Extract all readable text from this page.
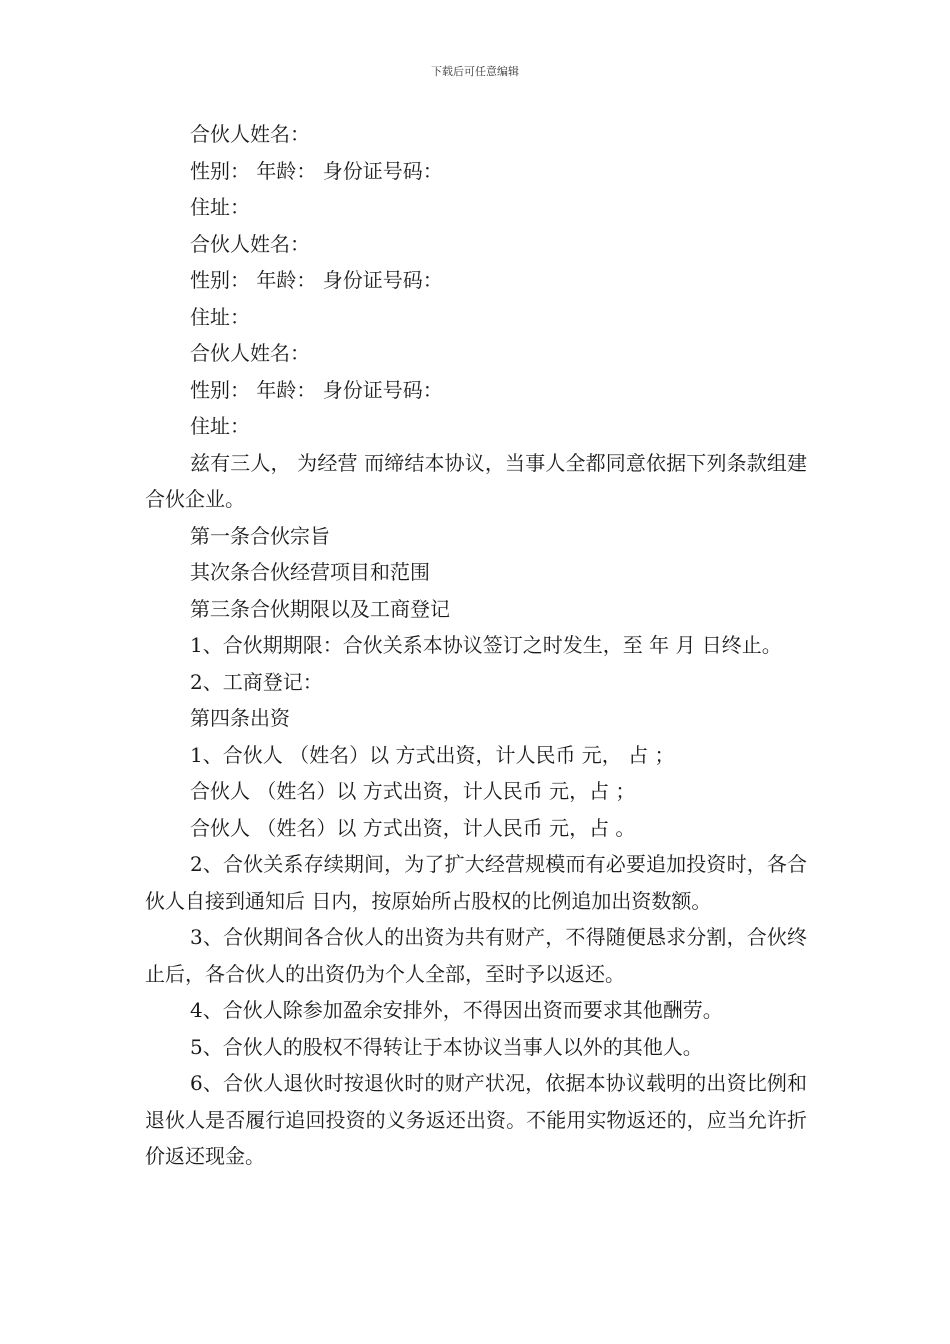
下载后可任意编辑

合伙人姓名：

性别： 年龄： 身份证号码：

住址：

合伙人姓名：

性别： 年龄： 身份证号码：

住址：

合伙人姓名：

性别： 年龄： 身份证号码：

住址：

兹有三人， 为经营 而缔结本协议，当事人全都同意依据下列条款组建合伙企业。

第一条合伙宗旨

其次条合伙经营项目和范围

第三条合伙期限以及工商登记

1、合伙期期限：合伙关系本协议签订之时发生，至 年 月 日终止。

2、工商登记：

第四条出资

1、合伙人 （姓名）以 方式出资，计人民币 元， 占 ；

合伙人 （姓名）以 方式出资，计人民币 元，占 ；

合伙人 （姓名）以 方式出资，计人民币 元，占 。

2、合伙关系存续期间，为了扩大经营规模而有必要追加投资时，各合伙人自接到通知后 日内，按原始所占股权的比例追加出资数额。

3、合伙期间各合伙人的出资为共有财产，不得随便恳求分割，合伙终止后，各合伙人的出资仍为个人全部，至时予以返还。

4、合伙人除参加盈余安排外，不得因出资而要求其他酬劳。

5、合伙人的股权不得转让于本协议当事人以外的其他人。

6、合伙人退伙时按退伙时的财产状况，依据本协议载明的出资比例和退伙人是否履行追回投资的义务返还出资。不能用实物返还的，应当允许折价返还现金。
